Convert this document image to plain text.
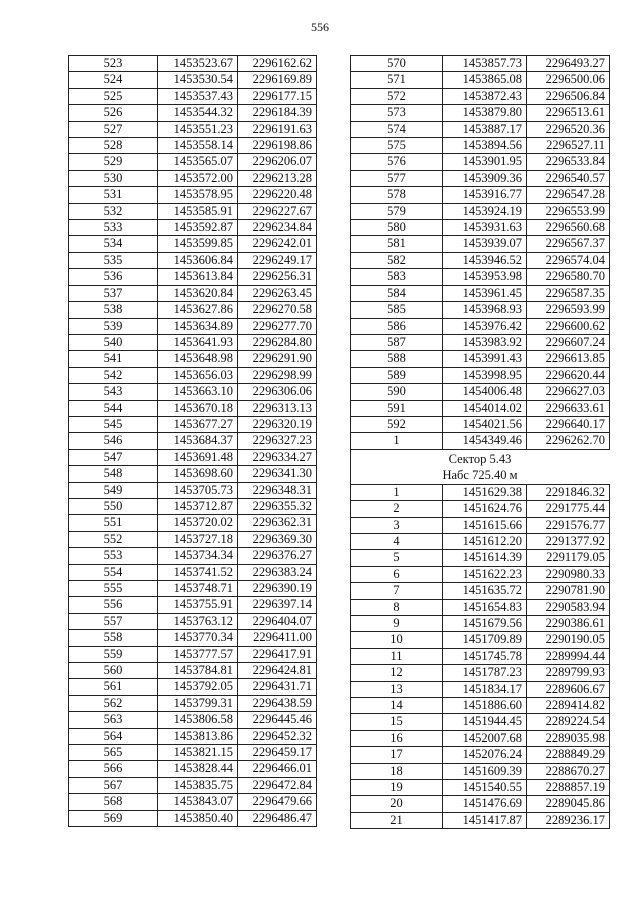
556
523	1453523.67	2296162.62
524	1453530.54	2296169.89
525	1453537.43	2296177.15
526	1453544.32	2296184.39
527	1453551.23	2296191.63
528	1453558.14	2296198.86
529	1453565.07	2296206.07
530	1453572.00	2296213.28
531	1453578.95	2296220.48
532	1453585.91	2296227.67
533	1453592.87	2296234.84
534	1453599.85	2296242.01
535	1453606.84	2296249.17
536	1453613.84	2296256.31
537	1453620.84	2296263.45
538	1453627.86	2296270.58
539	1453634.89	2296277.70
540	1453641.93	2296284.80
541	1453648.98	2296291.90
542	1453656.03	2296298.99
543	1453663.10	2296306.06
544	1453670.18	2296313.13
545	1453677.27	2296320.19
546	1453684.37	2296327.23
547	1453691.48	2296334.27
548	1453698.60	2296341.30
549	1453705.73	2296348.31
550	1453712.87	2296355.32
551	1453720.02	2296362.31
552	1453727.18	2296369.30
553	1453734.34	2296376.27
554	1453741.52	2296383.24
555	1453748.71	2296390.19
556	1453755.91	2296397.14
557	1453763.12	2296404.07
558	1453770.34	2296411.00
559	1453777.57	2296417.91
560	1453784.81	2296424.81
561	1453792.05	2296431.71
562	1453799.31	2296438.59
563	1453806.58	2296445.46
564	1453813.86	2296452.32
565	1453821.15	2296459.17
566	1453828.44	2296466.01
567	1453835.75	2296472.84
568	1453843.07	2296479.66
569	1453850.40	2296486.47
570	1453857.73	2296493.27
571	1453865.08	2296500.06
572	1453872.43	2296506.84
573	1453879.80	2296513.61
574	1453887.17	2296520.36
575	1453894.56	2296527.11
576	1453901.95	2296533.84
577	1453909.36	2296540.57
578	1453916.77	2296547.28
579	1453924.19	2296553.99
580	1453931.63	2296560.68
581	1453939.07	2296567.37
582	1453946.52	2296574.04
583	1453953.98	2296580.70
584	1453961.45	2296587.35
585	1453968.93	2296593.99
586	1453976.42	2296600.62
587	1453983.92	2296607.24
588	1453991.43	2296613.85
589	1453998.95	2296620.44
590	1454006.48	2296627.03
591	1454014.02	2296633.61
592	1454021.56	2296640.17
1	1454349.46	2296262.70

Сектор 5.43
Набс 725.40 м		

1	1451629.38	2291846.32
2	1451624.76	2291775.44
3	1451615.66	2291576.77
4	1451612.20	2291377.92
5	1451614.39	2291179.05
6	1451622.23	2290980.33
7	1451635.72	2290781.90
8	1451654.83	2290583.94
9	1451679.56	2290386.61
10	1451709.89	2290190.05
11	1451745.78	2289994.44
12	1451787.23	2289799.93
13	1451834.17	2289606.67
14	1451886.60	2289414.82
15	1451944.45	2289224.54
16	1452007.68	2289035.98
17	1452076.24	2288849.29
18	1451609.39	2288670.27
19	1451540.55	2288857.19
20	1451476.69	2289045.86
21	1451417.87	2289236.17
